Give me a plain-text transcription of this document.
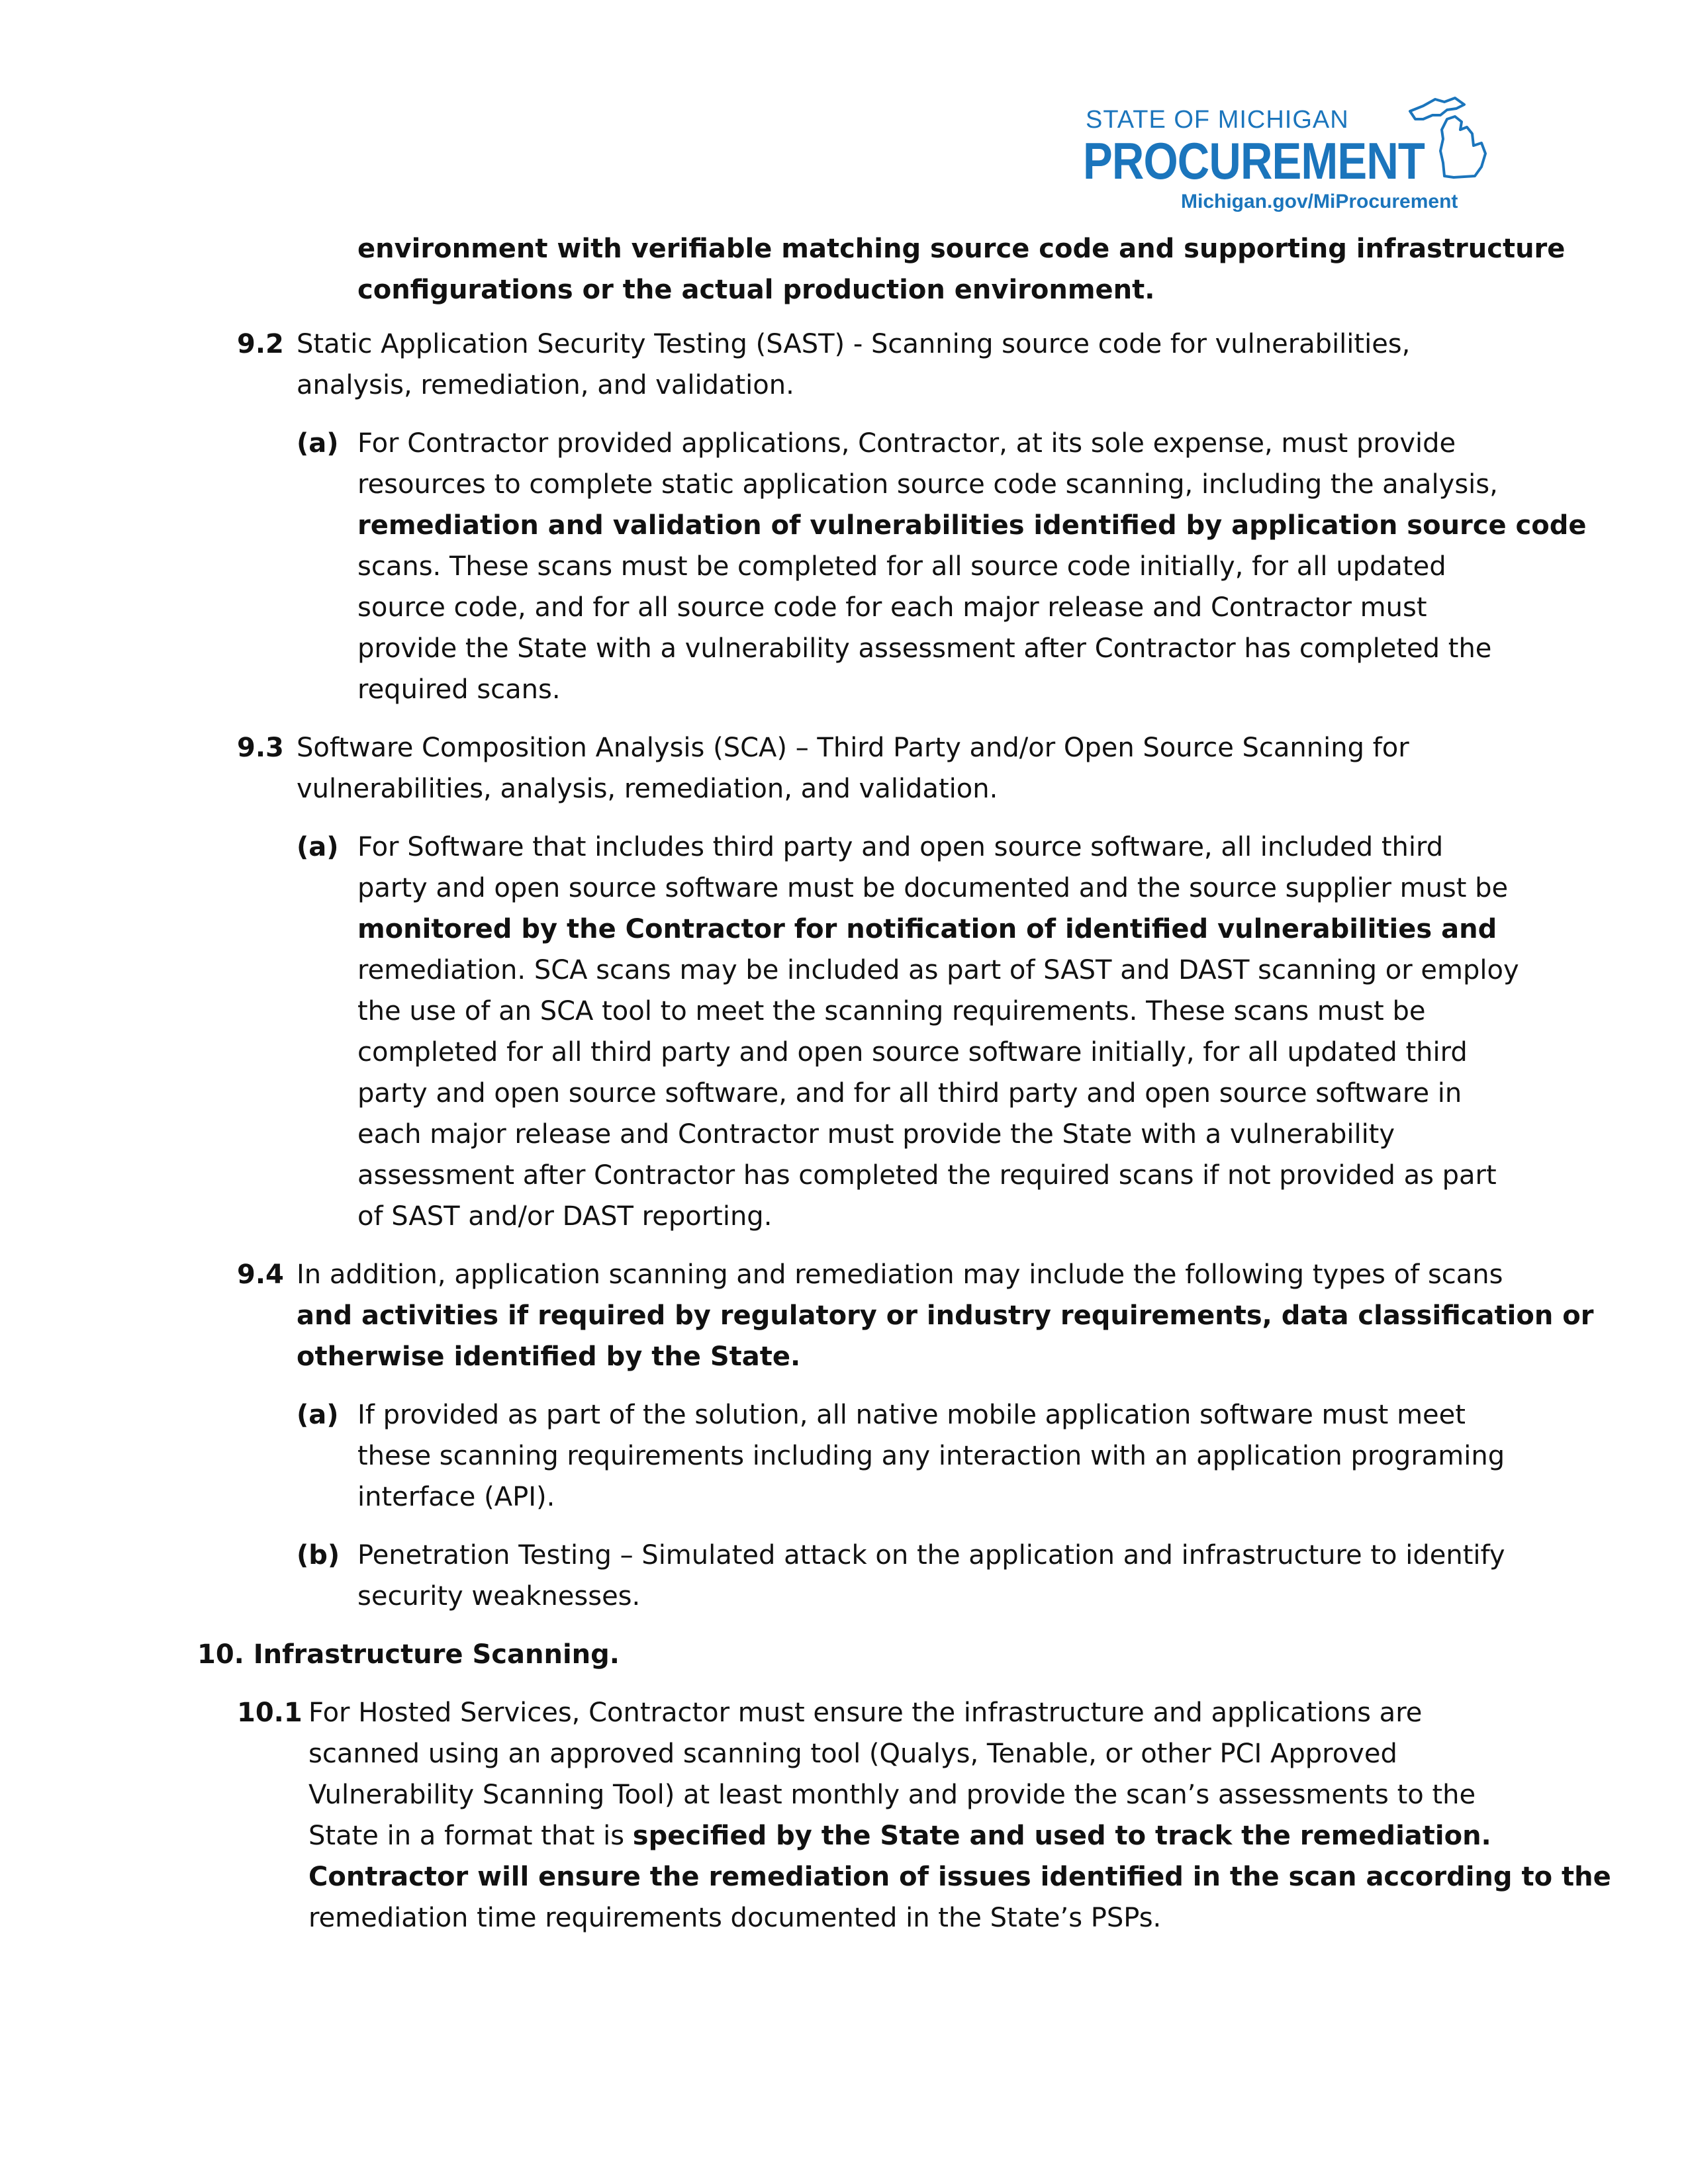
STATE OF MICHIGAN
PROCUREMENT
Michigan.gov/MiProcurement
environment with verifiable matching source code and supporting infrastructure
configurations or the actual production environment.
9.2 Static Application Security Testing (SAST) - Scanning source code for vulnerabilities,
analysis, remediation, and validation.
(a) For Contractor provided applications, Contractor, at its sole expense, must provide
resources to complete static application source code scanning, including the analysis,
remediation and validation of vulnerabilities identified by application source code
scans. These scans must be completed for all source code initially, for all updated
source code, and for all source code for each major release and Contractor must
provide the State with a vulnerability assessment after Contractor has completed the
required scans.
9.3 Software Composition Analysis (SCA) – Third Party and/or Open Source Scanning for
vulnerabilities, analysis, remediation, and validation.
(a) For Software that includes third party and open source software, all included third
party and open source software must be documented and the source supplier must be
monitored by the Contractor for notification of identified vulnerabilities and
remediation. SCA scans may be included as part of SAST and DAST scanning or employ
the use of an SCA tool to meet the scanning requirements. These scans must be
completed for all third party and open source software initially, for all updated third
party and open source software, and for all third party and open source software in
each major release and Contractor must provide the State with a vulnerability
assessment after Contractor has completed the required scans if not provided as part
of SAST and/or DAST reporting.
9.4 In addition, application scanning and remediation may include the following types of scans
and activities if required by regulatory or industry requirements, data classification or
otherwise identified by the State.
(a) If provided as part of the solution, all native mobile application software must meet
these scanning requirements including any interaction with an application programing
interface (API).
(b) Penetration Testing – Simulated attack on the application and infrastructure to identify
security weaknesses.
10. Infrastructure Scanning.
10.1 For Hosted Services, Contractor must ensure the infrastructure and applications are
scanned using an approved scanning tool (Qualys, Tenable, or other PCI Approved
Vulnerability Scanning Tool) at least monthly and provide the scan’s assessments to the
State in a format that is specified by the State and used to track the remediation.
Contractor will ensure the remediation of issues identified in the scan according to the
remediation time requirements documented in the State’s PSPs.
